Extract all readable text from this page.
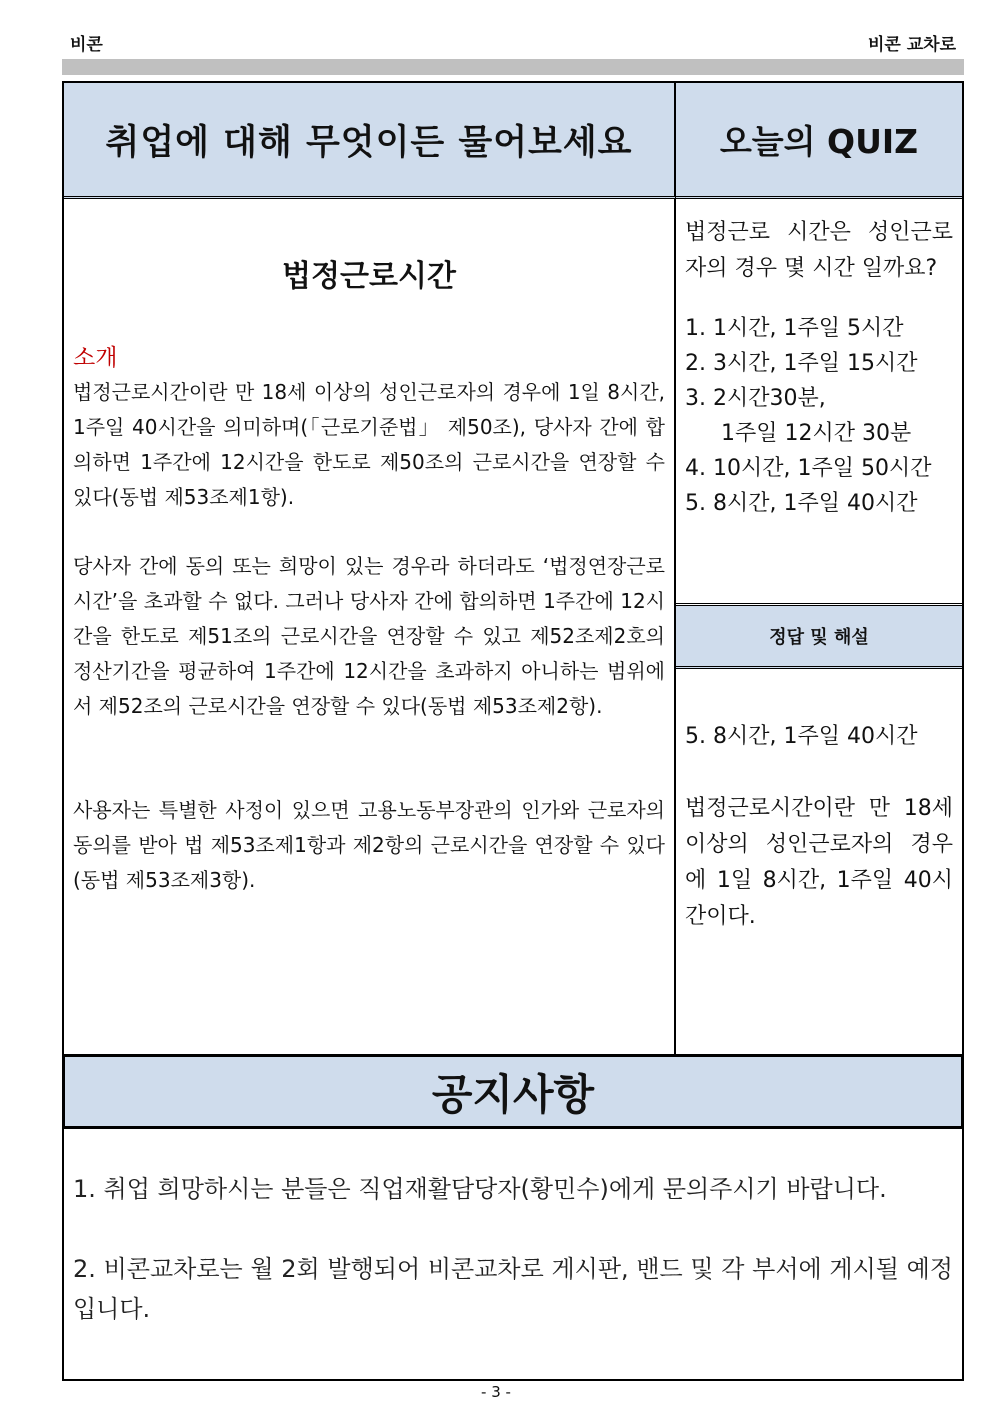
비콘	비콘 교차로
취업에 대해 무엇이든 물어보세요	오늘의 QUIZ
법정근로시간
소개
법정근로시간이란 만 18세 이상의 성인근로자의 경우에 1일 8시간, 1주일 40시간을 의미하며(「근로기준법」 제50조), 당사자 간에 합의하면 1주간에 12시간을 한도로 제50조의 근로시간을 연장할 수 있다(동법 제53조제1항).
당사자 간에 동의 또는 희망이 있는 경우라 하더라도 ‘법정연장근로시간’을 초과할 수 없다. 그러나 당사자 간에 합의하면 1주간에 12시간을 한도로 제51조의 근로시간을 연장할 수 있고 제52조제2호의 정산기간을 평균하여 1주간에 12시간을 초과하지 아니하는 범위에서 제52조의 근로시간을 연장할 수 있다(동법 제53조제2항).
사용자는 특별한 사정이 있으면 고용노동부장관의 인가와 근로자의 동의를 받아 법 제53조제1항과 제2항의 근로시간을 연장할 수 있다(동법 제53조제3항).
법정근로 시간은 성인근로자의 경우 몇 시간 일까요?
1. 1시간, 1주일 5시간
2. 3시간, 1주일 15시간
3. 2시간30분,
1주일 12시간 30분
4. 10시간, 1주일 50시간
5. 8시간, 1주일 40시간
정답 및 해설
5. 8시간, 1주일 40시간
법정근로시간이란 만 18세 이상의 성인근로자의 경우에 1일 8시간, 1주일 40시간이다.
공지사항
1. 취업 희망하시는 분들은 직업재활담당자(황민수)에게 문의주시기 바랍니다.
2. 비콘교차로는 월 2회 발행되어 비콘교차로 게시판, 밴드 및 각 부서에 게시될 예정입니다.
- 3 -
